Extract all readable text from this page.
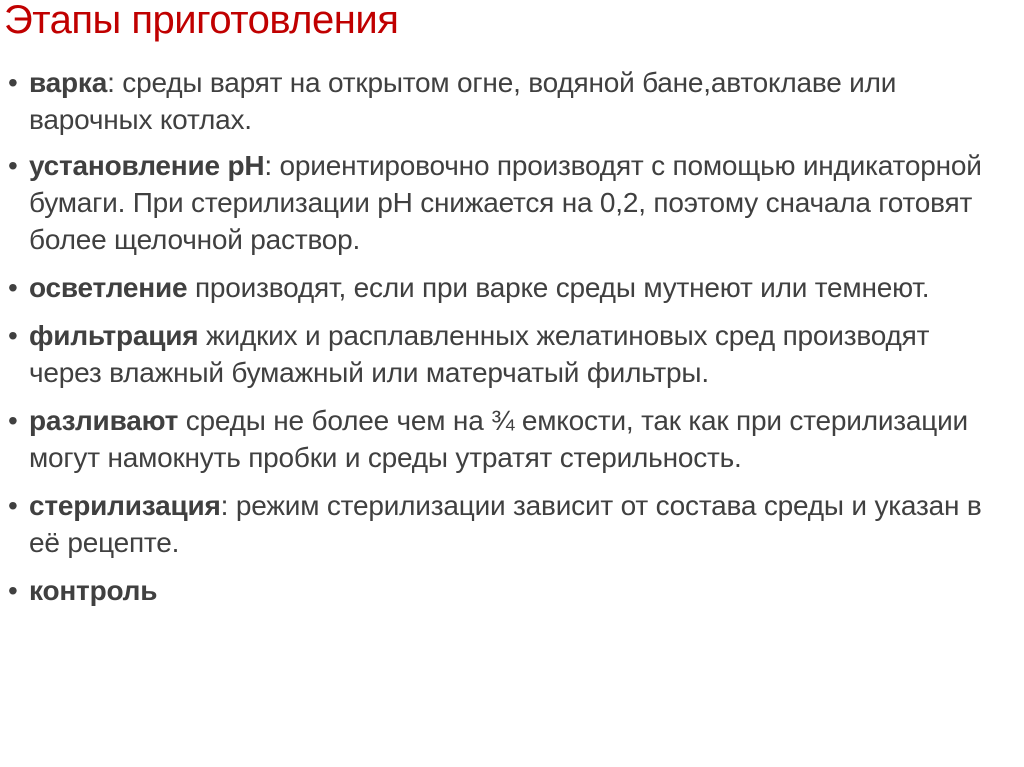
Этапы приготовления
• варка: среды варят на открытом огне, водяной бане,автоклаве или варочных котлах.
• установление рН: ориентировочно производят с помощью индикаторной бумаги. При стерилизации рН снижается на 0,2, поэтому сначала готовят более щелочной раствор.
• осветление производят, если при варке среды мутнеют или темнеют.
• фильтрация жидких и расплавленных желатиновых сред производят через влажный бумажный или матерчатый фильтры.
• разливают среды не более чем на ¾ емкости, так как при стерилизации могут намокнуть пробки и среды утратят стерильность.
• стерилизация: режим стерилизации зависит от состава среды и указан в её рецепте.
• контроль
